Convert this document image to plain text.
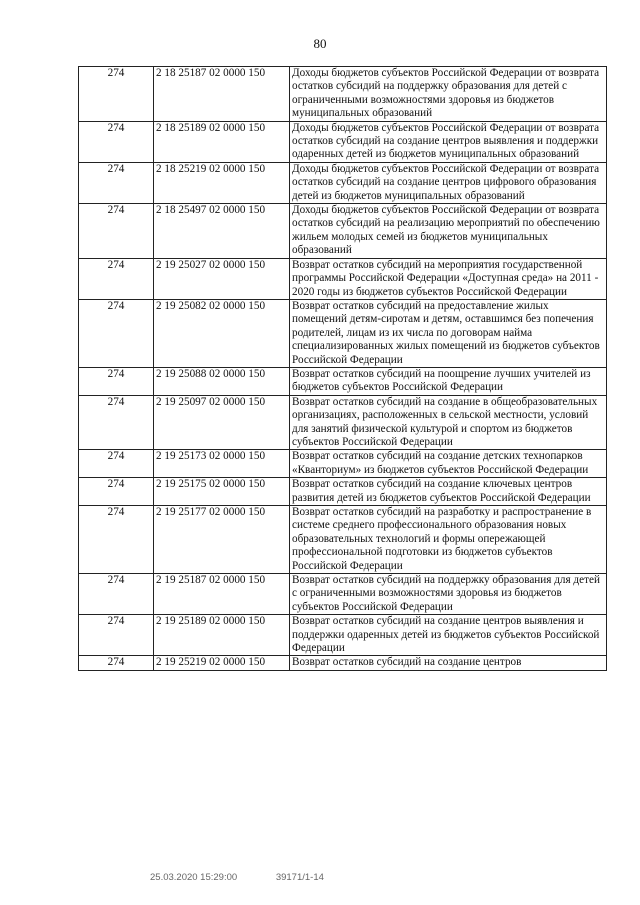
80
274	2 18 25187 02 0000 150	Доходы бюджетов субъектов Российской Федерации от возврата остатков субсидий на поддержку образования для детей с ограниченными возможностями здоровья из бюджетов муниципальных образований
274	2 18 25189 02 0000 150	Доходы бюджетов субъектов Российской Федерации от возврата остатков субсидий на создание центров выявления и поддержки одаренных детей из бюджетов муниципальных образований
274	2 18 25219 02 0000 150	Доходы бюджетов субъектов Российской Федерации от возврата остатков субсидий на создание центров цифрового образования детей из бюджетов муниципальных образований
274	2 18 25497 02 0000 150	Доходы бюджетов субъектов Российской Федерации от возврата остатков субсидий на реализацию мероприятий по обеспечению жильем молодых семей из бюджетов муниципальных образований
274	2 19 25027 02 0000 150	Возврат остатков субсидий на мероприятия государственной программы Российской Федерации «Доступная среда» на 2011 - 2020 годы из бюджетов субъектов Российской Федерации
274	2 19 25082 02 0000 150	Возврат остатков субсидий на предоставление жилых помещений детям-сиротам и детям, оставшимся без попечения родителей, лицам из их числа по договорам найма специализированных жилых помещений из бюджетов субъектов Российской Федерации
274	2 19 25088 02 0000 150	Возврат остатков субсидий на поощрение лучших учителей из бюджетов субъектов Российской Федерации
274	2 19 25097 02 0000 150	Возврат остатков субсидий на создание в общеобразовательных организациях, расположенных в сельской местности, условий для занятий физической культурой и спортом из бюджетов субъектов Российской Федерации
274	2 19 25173 02 0000 150	Возврат остатков субсидий на создание детских технопарков «Кванториум» из бюджетов субъектов Российской Федерации
274	2 19 25175 02 0000 150	Возврат остатков субсидий на создание ключевых центров развития детей из бюджетов субъектов Российской Федерации
274	2 19 25177 02 0000 150	Возврат остатков субсидий на разработку и распространение в системе среднего профессионального образования новых образовательных технологий и формы опережающей профессиональной подготовки из бюджетов субъектов Российской Федерации
274	2 19 25187 02 0000 150	Возврат остатков субсидий на поддержку образования для детей с ограниченными возможностями здоровья из бюджетов субъектов Российской Федерации
274	2 19 25189 02 0000 150	Возврат остатков субсидий на создание центров выявления и поддержки одаренных детей из бюджетов субъектов Российской Федерации
274	2 19 25219 02 0000 150	Возврат остатков субсидий на создание центров
25.03.2020 15:29:00	39171/1-14
